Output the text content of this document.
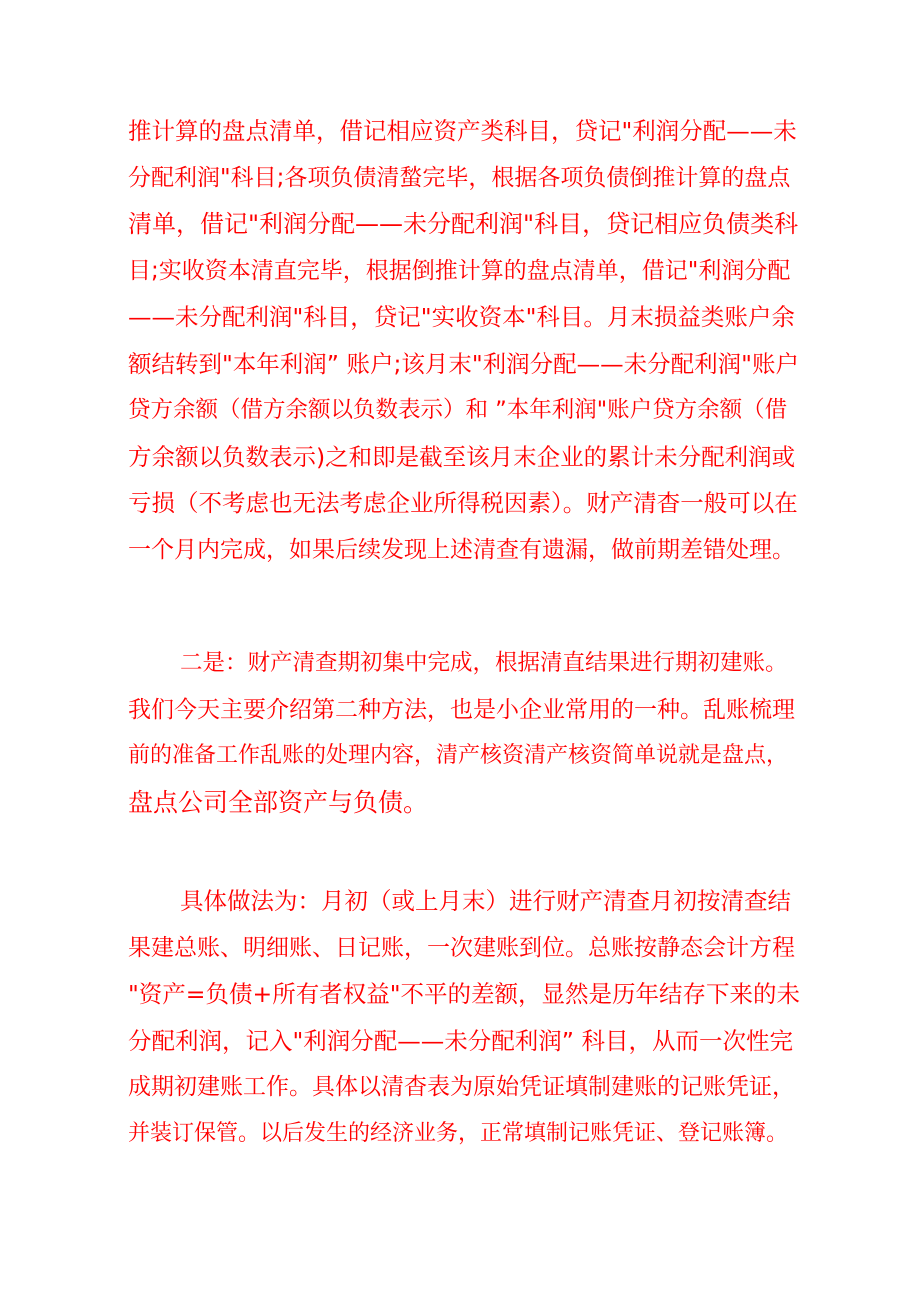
推计算的盘点清单，借记相应资产类科目，贷记"利润分配——未
分配利润"科目;各项负债清蝵完毕，根据各项负债倒推计算的盘点
清单，借记"利润分配——未分配利润"科目，贷记相应负债类科
目;实收资本清直完毕，根据倒推计算的盘点清单，借记"利润分配
——未分配利润"科目，贷记"实收资本"科目。月末损益类账户余
额结转到"本年利润” 账户;该月末"利润分配——未分配利润"账户
贷方余额（借方余额以负数表示）和 ”本年利润"账户贷方余额（借
方余额以负数表示)之和即是截至该月末企业的累计未分配利润或
亏损（不考虑也无法考虑企业所得税因素）。财产清杳一般可以在
一个月内完成，如果后续发现上述清查有遗漏，做前期差错处理。
二是：财产清查期初集中完成，根据清直结果进行期初建账。
我们今天主要介绍第二种方法，也是小企业常用的一种。乱账梳理
前的准备工作乱账的处理内容，清产核资清产核资简单说就是盘点，
盘点公司全部资产与负债。
具体做法为：月初（或上月末）进行财产清查月初按清查结
果建总账、明细账、日记账，一次建账到位。总账按静态会计方程
"资产=负债+所有者权益"不平的差额，显然是历年结存下来的未
分配利润，记入"利润分配——未分配利润” 科目，从而一次性完
成期初建账工作。具体以清杳表为原始凭证填制建账的记账凭证，
并装订保管。以后发生的经济业务，正常填制记账凭证、登记账簿。
